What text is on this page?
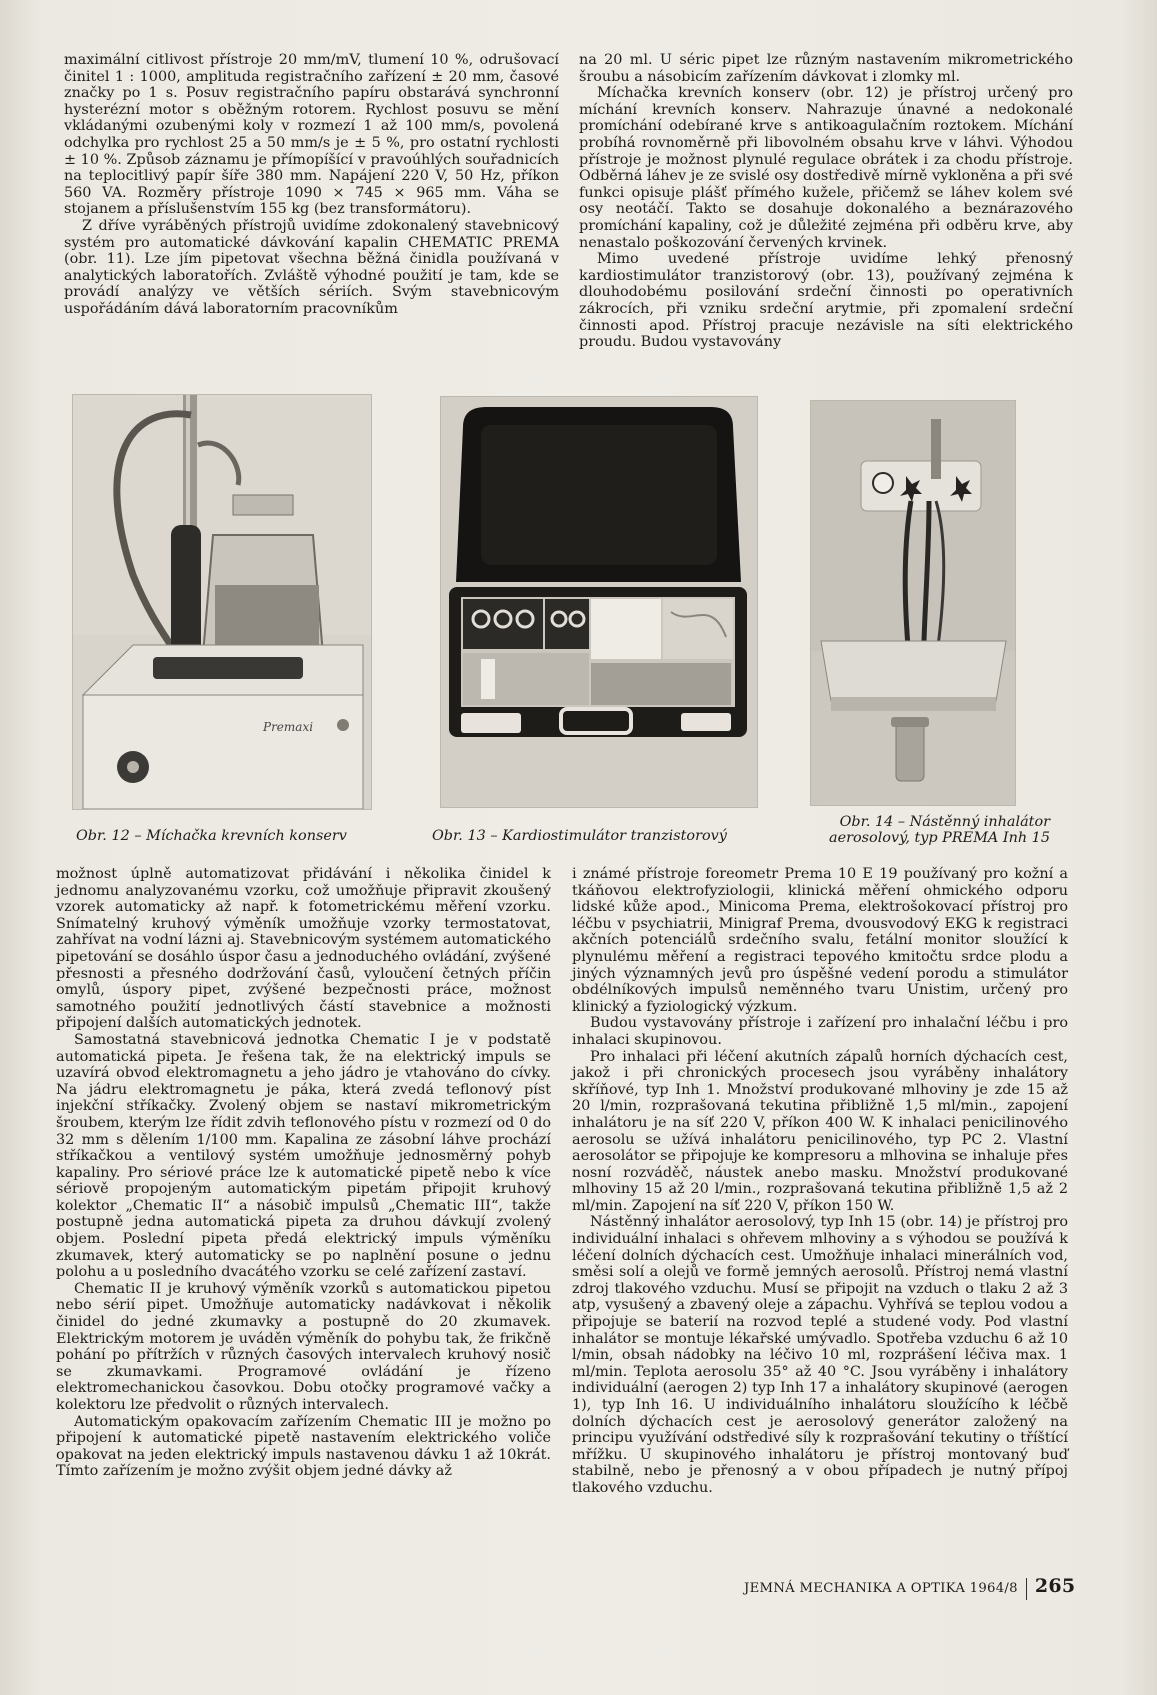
maximální citlivost přístroje 20 mm/mV, tlumení 10 %, odrušovací činitel 1 : 1000, amplituda registračního zařízení ± 20 mm, časové značky po 1 s. Posuv registračního papíru obstarává synchronní hysterézní motor s oběžným rotorem. Rychlost posuvu se mění vkládanými ozubenými koly v rozmezí 1 až 100 mm/s, povolená odchylka pro rychlost 25 a 50 mm/s je ± 5 %, pro ostatní rychlosti ± 10 %. Způsob záznamu je přímopíšící v pravoúhlých souřadnicích na teplocitlivý papír šíře 380 mm. Napájení 220 V, 50 Hz, příkon 560 VA. Rozměry přístroje 1090 × 745 × 965 mm. Váha se stojanem a příslušenstvím 155 kg (bez transformátoru).

Z dříve vyráběných přístrojů uvidíme zdokonalený stavebnicový systém pro automatické dávkování kapalin CHEMATIC PREMA (obr. 11). Lze jím pipetovat všechna běžná činidla používaná v analytických laboratořích. Zvláště výhodné použití je tam, kde se provádí analýzy ve větších sériích. Svým stavebnicovým uspořádáním dává laboratorním pracovníkům

na 20 ml. U séric pipet lze různým nastavením mikrometrického šroubu a násobicím zařízením dávkovat i zlomky ml.

Míchačka krevních konserv (obr. 12) je přístroj určený pro míchání krevních konserv. Nahrazuje únavné a nedokonalé promíchání odebírané krve s antikoagulačním roztokem. Míchání probíhá rovnoměrně při libovolném obsahu krve v láhvi. Výhodou přístroje je možnost plynulé regulace obrátek i za chodu přístroje. Odběrná láhev je ze svislé osy dostředivě mírně vykloněna a při své funkci opisuje plášť přímého kužele, přičemž se láhev kolem své osy neotáčí. Takto se dosahuje dokonalého a beznárazového promíchání kapaliny, což je důležité zejména při odběru krve, aby nenastalo poškozování červených krvinek.

Mimo uvedené přístroje uvidíme lehký přenosný kardiostimulátor tranzistorový (obr. 13), používaný zejména k dlouhodobému posilování srdeční činnosti po operativních zákrocích, při vzniku srdeční arytmie, při zpomalení srdeční činnosti apod. Přístroj pracuje nezávisle na síti elektrického proudu. Budou vystavovány

Premaxi
Obr. 12 – Míchačka krevních konserv	Obr. 13 – Kardiostimulátor tranzistorový
Obr. 14 – Nástěnný inhalátor
aerosolový, typ PREMA Inh 15

možnost úplně automatizovat přidávání i několika činidel k jednomu analyzovanému vzorku, což umožňuje připravit zkoušený vzorek automaticky až např. k fotometrickému měření vzorku. Snímatelný kruhový výměník umožňuje vzorky termostatovat, zahřívat na vodní lázni aj. Stavebnicovým systémem automatického pipetování se dosáhlo úspor času a jednoduchého ovládání, zvýšené přesnosti a přesného dodržování časů, vyloučení četných příčin omylů, úspory pipet, zvýšené bezpečnosti práce, možnost samotného použití jednotlivých částí stavebnice a možnosti připojení dalších automatických jednotek.

Samostatná stavebnicová jednotka Chematic I je v podstatě automatická pipeta. Je řešena tak, že na elektrický impuls se uzavírá obvod elektromagnetu a jeho jádro je vtahováno do cívky. Na jádru elektromagnetu je páka, která zvedá teflonový píst injekční stříkačky. Zvolený objem se nastaví mikrometrickým šroubem, kterým lze řídit zdvih teflonového pístu v rozmezí od 0 do 32 mm s dělením 1/100 mm. Kapalina ze zásobní láhve prochází stříkačkou a ventilový systém umožňuje jednosměrný pohyb kapaliny. Pro sériové práce lze k automatické pipetě nebo k více sériově propojeným automatickým pipetám připojit kruhový kolektor „Chematic II“ a násobič impulsů „Chematic III“, takže postupně jedna automatická pipeta za druhou dávkují zvolený objem. Poslední pipeta předá elektrický impuls výměníku zkumavek, který automaticky se po naplnění posune o jednu polohu a u posledního dvacátého vzorku se celé zařízení zastaví.

Chematic II je kruhový výměník vzorků s automatickou pipetou nebo sérií pipet. Umožňuje automaticky nadávkovat i několik činidel do jedné zkumavky a postupně do 20 zkumavek. Elektrickým motorem je uváděn výměník do pohybu tak, že frikčně pohání po přítržích v různých časových intervalech kruhový nosič se zkumavkami. Programové ovládání je řízeno elektromechanickou časovkou. Dobu otočky programové vačky a kolektoru lze předvolit o různých intervalech.

Automatickým opakovacím zařízením Chematic III je možno po připojení k automatické pipetě nastavením elektrického voliče opakovat na jeden elektrický impuls nastavenou dávku 1 až 10krát. Tímto zařízením je možno zvýšit objem jedné dávky až

i známé přístroje foreometr Prema 10 E 19 používaný pro kožní a tkáňovou elektrofyziologii, klinická měření ohmického odporu lidské kůže apod., Minicoma Prema, elektrošokovací přístroj pro léčbu v psychiatrii, Minigraf Prema, dvousvodový EKG k registraci akčních potenciálů srdečního svalu, fetální monitor sloužící k plynulému měření a registraci tepového kmitočtu srdce plodu a jiných významných jevů pro úspěšné vedení porodu a stimulátor obdélníkových impulsů neměnného tvaru Unistim, určený pro klinický a fyziologický výzkum.

Budou vystavovány přístroje i zařízení pro inhalační léčbu i pro inhalaci skupinovou.

Pro inhalaci při léčení akutních zápalů horních dýchacích cest, jakož i při chronických procesech jsou vyráběny inhalátory skříňové, typ Inh 1. Množství produkované mlhoviny je zde 15 až 20 l/min, rozprašovaná tekutina přibližně 1,5 ml/min., zapojení inhalátoru je na síť 220 V, příkon 400 W. K inhalaci penicilinového aerosolu se užívá inhalátoru penicilinového, typ PC 2. Vlastní aerosolátor se připojuje ke kompresoru a mlhovina se inhaluje přes nosní rozváděč, náustek anebo masku. Množství produkované mlhoviny 15 až 20 l/min., rozprašovaná tekutina přibližně 1,5 až 2 ml/min. Zapojení na síť 220 V, příkon 150 W.

Nástěnný inhalátor aerosolový, typ Inh 15 (obr. 14) je přístroj pro individuální inhalaci s ohřevem mlhoviny a s výhodou se používá k léčení dolních dýchacích cest. Umožňuje inhalaci minerálních vod, směsi solí a olejů ve formě jemných aerosolů. Přístroj nemá vlastní zdroj tlakového vzduchu. Musí se připojit na vzduch o tlaku 2 až 3 atp, vysušený a zbavený oleje a zápachu. Vyhřívá se teplou vodou a připojuje se baterií na rozvod teplé a studené vody. Pod vlastní inhalátor se montuje lékařské umývadlo. Spotřeba vzduchu 6 až 10 l/min, obsah nádobky na léčivo 10 ml, rozprášení léčiva max. 1 ml/min. Teplota aerosolu 35° až 40 °C. Jsou vyráběny i inhalátory individuální (aerogen 2) typ Inh 17 a inhalátory skupinové (aerogen 1), typ Inh 16. U individuálního inhalátoru sloužícího k léčbě dolních dýchacích cest je aerosolový generátor založený na principu využívání odstředivé síly k rozprašování tekutiny o tříštící mřížku. U skupinového inhalátoru je přístroj montovaný buď stabilně, nebo je přenosný a v obou případech je nutný přípoj tlakového vzduchu.

JEMNÁ MECHANIKA A OPTIKA 1964/8 265
